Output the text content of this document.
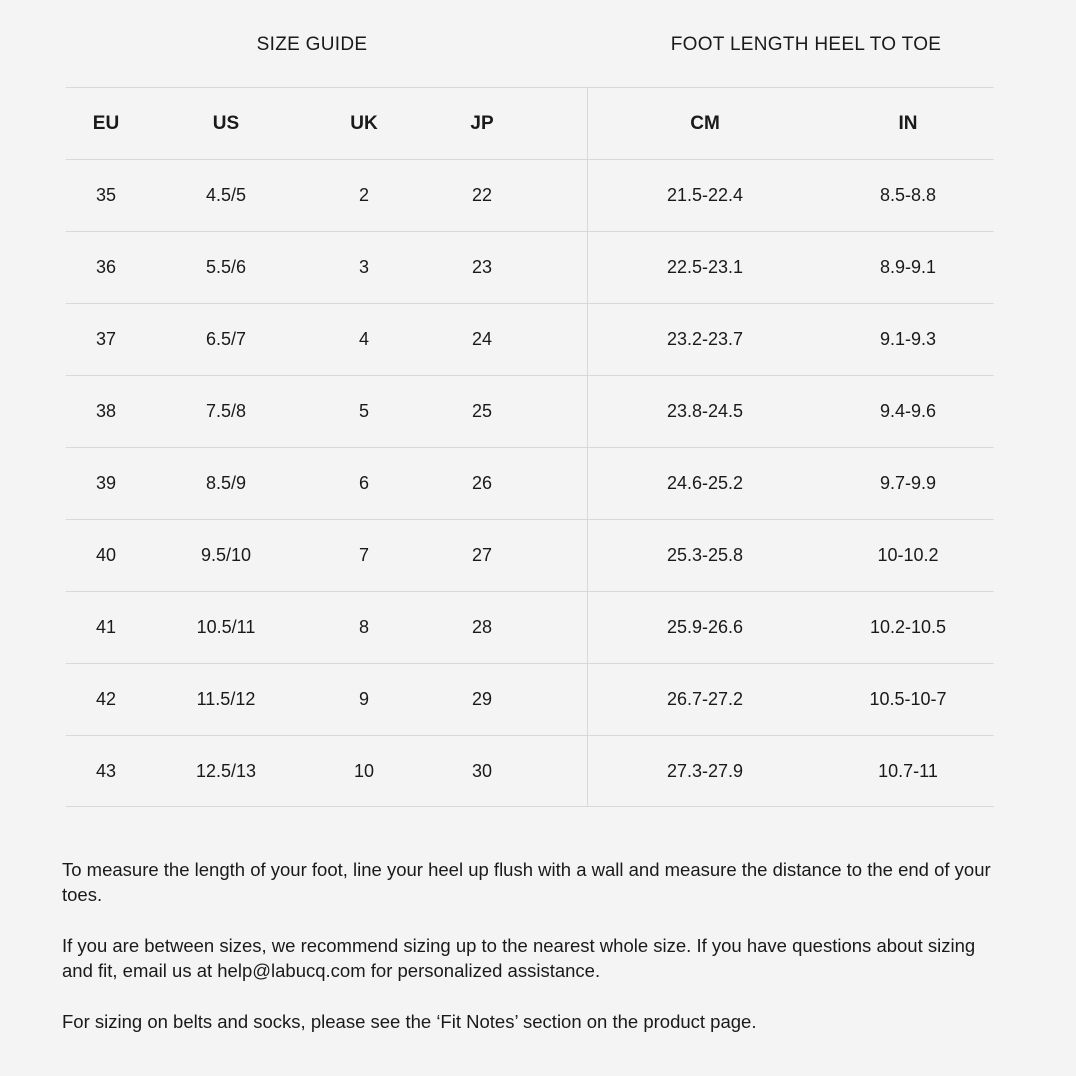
SIZE GUIDE	FOOT LENGTH HEEL TO TOE
EU	US	UK	JP	CM	IN
35	4.5/5	2	22	21.5-22.4	8.5-8.8
36	5.5/6	3	23	22.5-23.1	8.9-9.1
37	6.5/7	4	24	23.2-23.7	9.1-9.3
38	7.5/8	5	25	23.8-24.5	9.4-9.6
39	8.5/9	6	26	24.6-25.2	9.7-9.9
40	9.5/10	7	27	25.3-25.8	10-10.2
41	10.5/11	8	28	25.9-26.6	10.2-10.5
42	11.5/12	9	29	26.7-27.2	10.5-10-7
43	12.5/13	10	30	27.3-27.9	10.7-11

To measure the length of your foot, line your heel up flush with a wall and measure the distance to the end of your toes.

If you are between sizes, we recommend sizing up to the nearest whole size. If you have questions about sizing and fit, email us at help@labucq.com for personalized assistance.

For sizing on belts and socks, please see the ‘Fit Notes’ section on the product page.
